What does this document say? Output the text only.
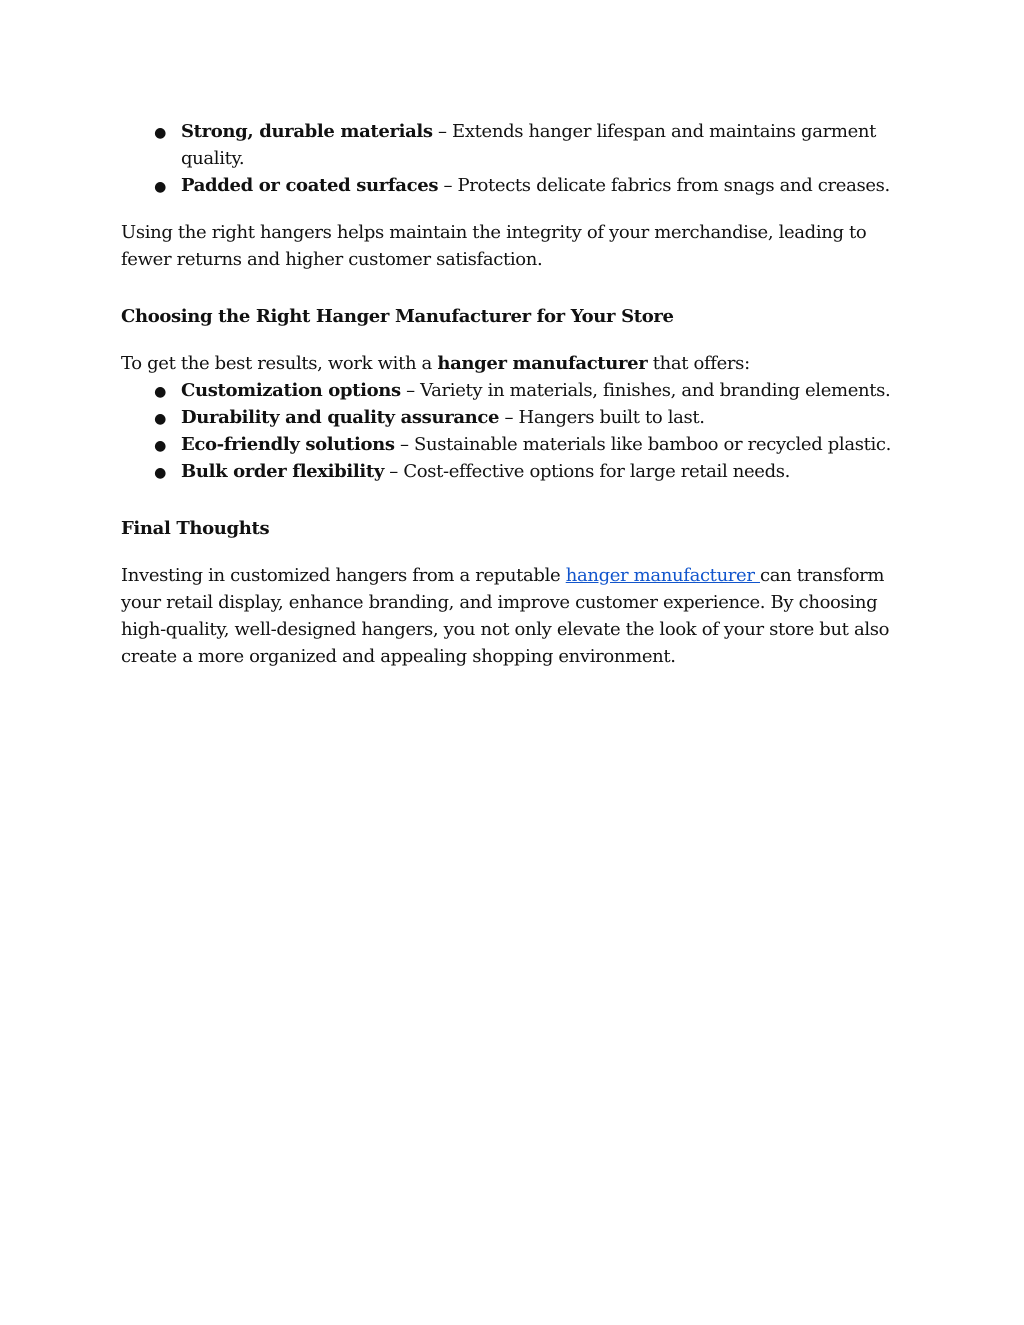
●
Strong, durable materials – Extends hanger lifespan and maintains garment quality.
●
Padded or coated surfaces – Protects delicate fabrics from snags and creases.

Using the right hangers helps maintain the integrity of your merchandise, leading to fewer returns and higher customer satisfaction.

Choosing the Right Hanger Manufacturer for Your Store

To get the best results, work with a hanger manufacturer that offers:

●
Customization options – Variety in materials, finishes, and branding elements.
●
Durability and quality assurance – Hangers built to last.
●
Eco-friendly solutions – Sustainable materials like bamboo or recycled plastic.
●
Bulk order flexibility – Cost-effective options for large retail needs.

Final Thoughts

Investing in customized hangers from a reputable hanger manufacturer can transform your retail display, enhance branding, and improve customer experience. By choosing high-quality, well-designed hangers, you not only elevate the look of your store but also create a more organized and appealing shopping environment.
